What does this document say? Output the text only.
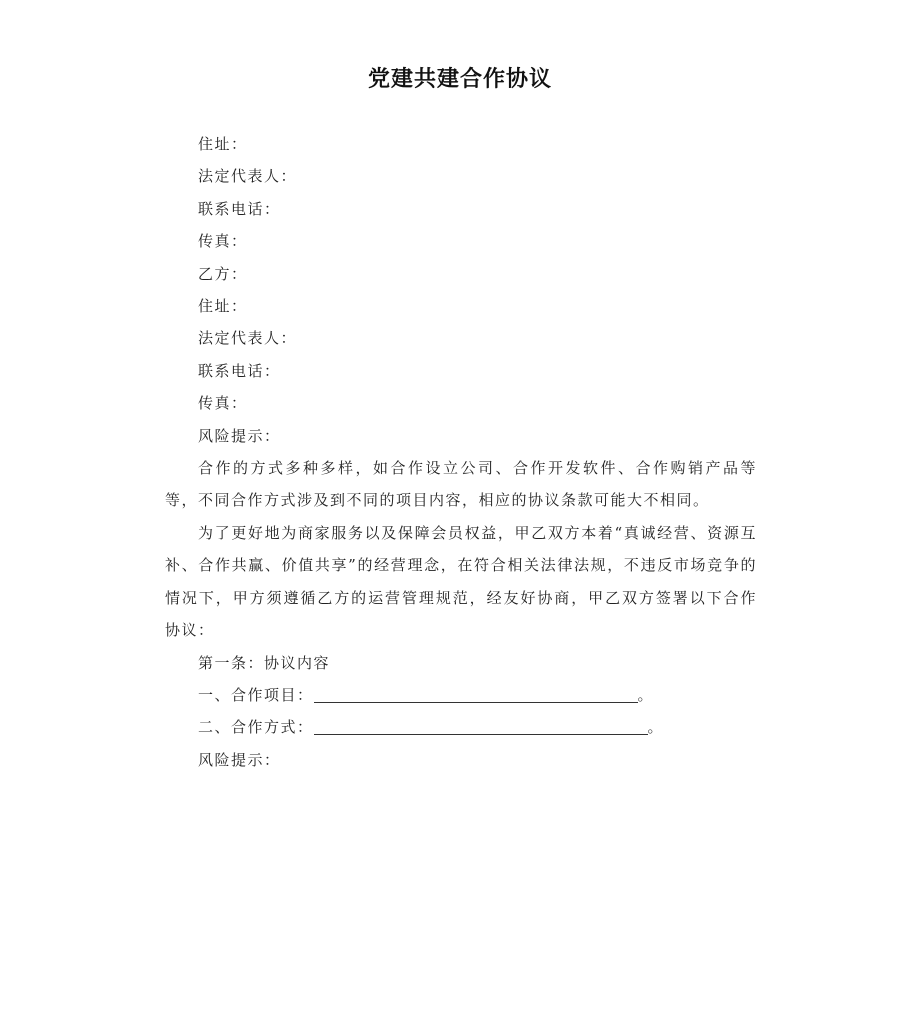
党建共建合作协议

住址：

法定代表人：

联系电话：

传真：

乙方：

住址：

法定代表人：

联系电话：

传真：

风险提示：

合作的方式多种多样，如合作设立公司、合作开发软件、合作购销产品等等，不同合作方式涉及到不同的项目内容，相应的协议条款可能大不相同。

为了更好地为商家服务以及保障会员权益，甲乙双方本着“真诚经营、资源互补、合作共赢、价值共享”的经营理念，在符合相关法律法规，不违反市场竞争的情况下，甲方须遵循乙方的运营管理规范，经友好协商，甲乙双方签署以下合作协议：

第一条：协议内容

一、合作项目：	。

二、合作方式：	。

风险提示：
